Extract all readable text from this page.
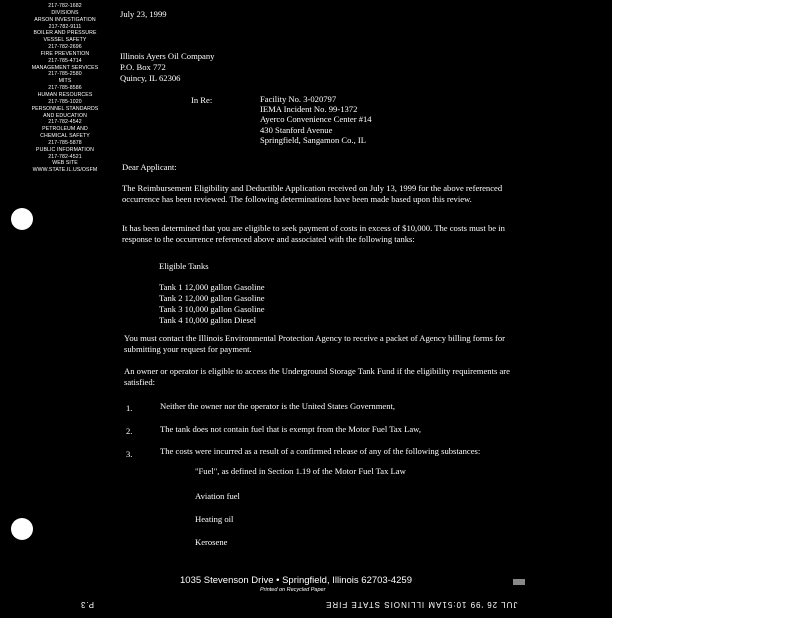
217-782-1682
DIVISIONS
ARSON INVESTIGATION
217-782-9111
BOILER AND PRESSURE
VESSEL SAFETY
217-782-2696
FIRE PREVENTION
217-785-4714
MANAGEMENT SERVICES
217-785-2580
MITS
217-785-8586
HUMAN RESOURCES
217-785-1020
PERSONNEL STANDARDS
AND EDUCATION
217-782-4542
PETROLEUM AND
CHEMICAL SAFETY
217-785-5878
PUBLIC INFORMATION
217-782-4521
WEB SITE
WWW.STATE.IL.US/OSFM
July 23, 1999
Illinois Ayers Oil Company
P.O. Box 772
Quincy, IL 62306
In Re:	Facility No. 3-020797
IEMA Incident No. 99-1372
Ayerco Convenience Center #14
430 Stanford Avenue
Springfield, Sangamon Co., IL
Dear Applicant:
The Reimbursement Eligibility and Deductible Application received on July 13, 1999 for the above referenced occurrence has been reviewed. The following determinations have been made based upon this review.
It has been determined that you are eligible to seek payment of costs in excess of $10,000. The costs must be in response to the occurrence referenced above and associated with the following tanks:
Eligible Tanks
Tank 1 12,000 gallon Gasoline
Tank 2 12,000 gallon Gasoline
Tank 3 10,000 gallon Gasoline
Tank 4 10,000 gallon Diesel
You must contact the Illinois Environmental Protection Agency to receive a packet of Agency billing forms for submitting your request for payment.
An owner or operator is eligible to access the Underground Storage Tank Fund if the eligibility requirements are satisfied:
1.	Neither the owner nor the operator is the United States Government,
2.	The tank does not contain fuel that is exempt from the Motor Fuel Tax Law,
3.	The costs were incurred as a result of a confirmed release of any of the following substances:
"Fuel", as defined in Section 1.19 of the Motor Fuel Tax Law
Aviation fuel
Heating oil
Kerosene
1035 Stevenson Drive • Springfield, Illinois 62703-4259
Printed on Recycled Paper
P.3	JUL 26 '99 10:51AM ILLINOIS STATE FIRE
